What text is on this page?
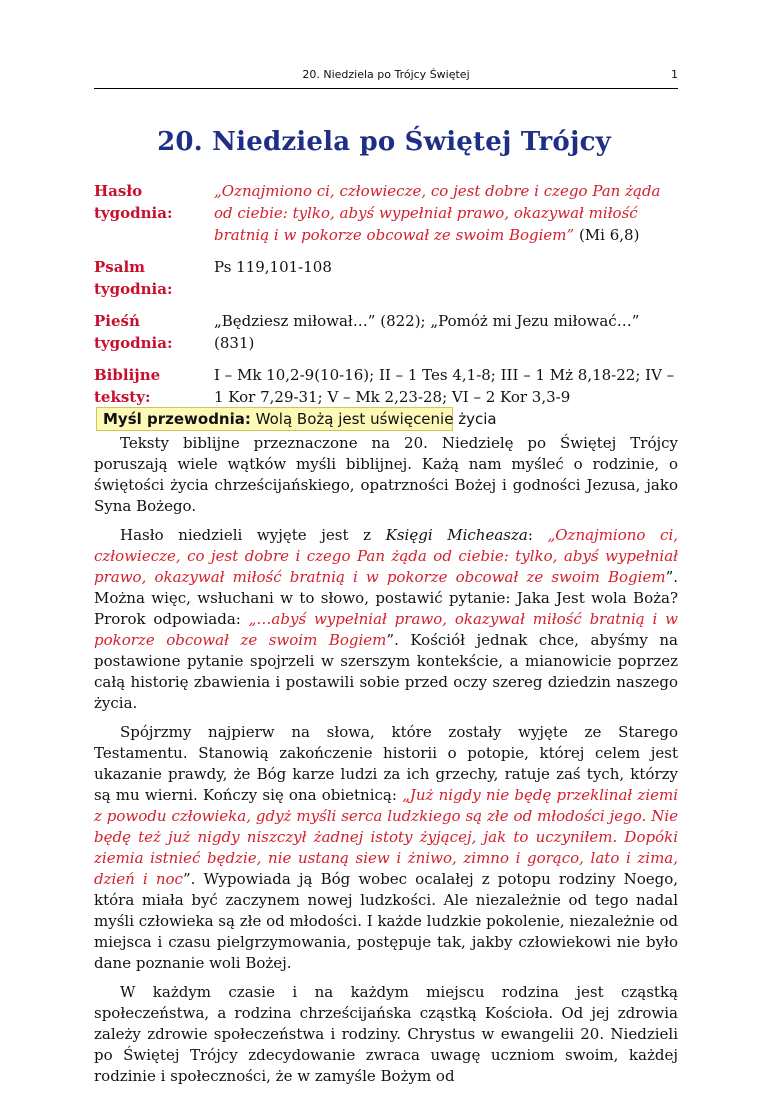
20. Niedziela po Trójcy Świętej	1
20. Niedziela po Świętej Trójcy
Hasło tygodnia:
„Oznajmiono ci, człowiecze, co jest dobre i czego Pan żąda od ciebie: tylko, abyś wypełniał prawo, okazywał miłość bratnią i w pokorze obcował ze swoim Bogiem” (Mi 6,8)
Psalm tygodnia:
Ps 119,101-108
Pieśń tygodnia:
„Będziesz miłował…” (822); „Pomóż mi Jezu miłować…” (831)
Biblijne teksty:
I – Mk 10,2-9(10-16); II – 1 Tes 4,1-8; III – 1 Mż 8,18-22; IV – 1 Kor 7,29-31; V – Mk 2,23-28; VI – 2 Kor 3,3-9
Myśl przewodnia: Wolą Bożą jest uświęcenie życia

Teksty biblijne przeznaczone na 20. Niedzielę po Świętej Trójcy poruszają wiele wątków myśli biblijnej. Każą nam myśleć o rodzinie, o świętości życia chrześcijańskiego, opatrzności Bożej i godności Jezusa, jako Syna Bożego.

Hasło niedzieli wyjęte jest z Księgi Micheasza: „Oznajmiono ci, człowiecze, co jest dobre i czego Pan żąda od ciebie: tylko, abyś wypełniał prawo, okazywał miłość bratnią i w pokorze obcował ze swoim Bogiem”. Można więc, wsłuchani w to słowo, postawić pytanie: Jaka Jest wola Boża? Prorok odpowiada: „…abyś wypełniał prawo, okazywał miłość bratnią i w pokorze obcował ze swoim Bogiem”. Kościół jednak chce, abyśmy na postawione pytanie spojrzeli w szerszym kontekście, a mianowicie poprzez całą historię zbawienia i postawili sobie przed oczy szereg dziedzin naszego życia.

Spójrzmy najpierw na słowa, które zostały wyjęte ze Starego Testamentu. Stanowią zakończenie historii o potopie, której celem jest ukazanie prawdy, że Bóg karze ludzi za ich grzechy, ratuje zaś tych, którzy są mu wierni. Kończy się ona obietnicą: „Już nigdy nie będę przeklinał ziemi z powodu człowieka, gdyż myśli serca ludzkiego są złe od młodości jego. Nie będę też już nigdy niszczył żadnej istoty żyjącej, jak to uczyniłem. Dopóki ziemia istnieć będzie, nie ustaną siew i żniwo, zimno i gorąco, lato i zima, dzień i noc”. Wypowiada ją Bóg wobec ocalałej z potopu rodziny Noego, która miała być zaczynem nowej ludzkości. Ale niezależnie od tego nadal myśli człowieka są złe od młodości. I każde ludzkie pokolenie, niezależnie od miejsca i czasu pielgrzymowania, postępuje tak, jakby człowiekowi nie było dane poznanie woli Bożej.

W każdym czasie i na każdym miejscu rodzina jest cząstką społeczeństwa, a rodzina chrześcijańska cząstką Kościoła. Od jej zdrowia zależy zdrowie społeczeństwa i rodziny. Chrystus w ewangelii 20. Niedzieli po Świętej Trójcy zdecydowanie zwraca uwagę uczniom swoim, każdej rodzinie i społeczności, że w zamyśle Bożym od
